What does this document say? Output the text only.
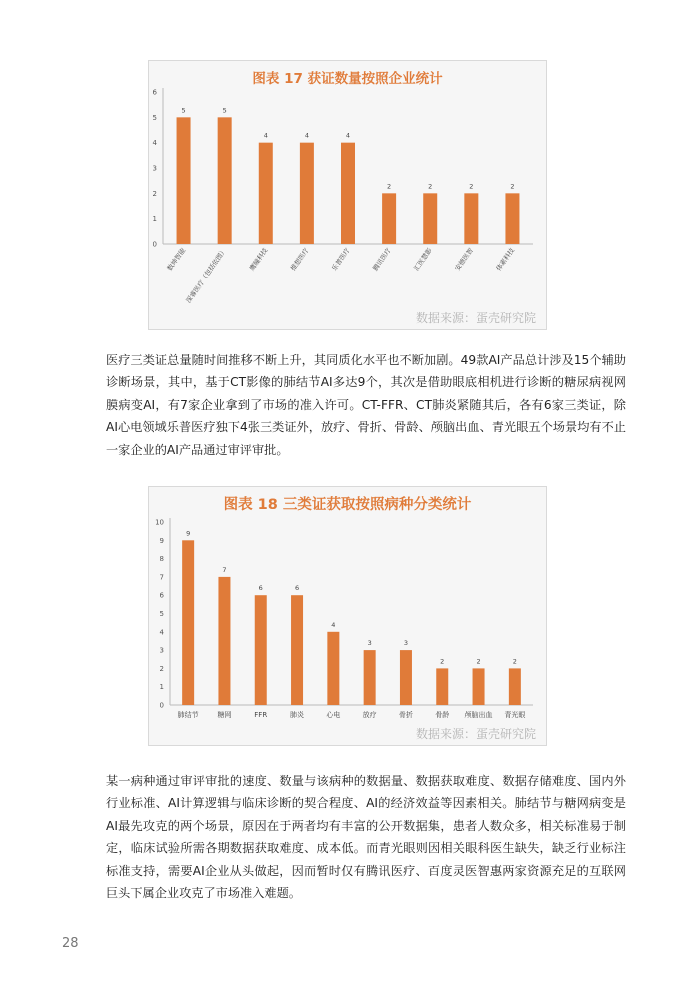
图表 17 获证数量按照企业统计
0
1
2
3
4
5
6
5
数坤智能
5
深睿医疗（包括依图）
4
鹰瞳科技
4
推想医疗
4
乐普医疗
2
腾讯医疗
2
汇医慧影
2
安德医智
2
体素科技
数据来源：蛋壳研究院

医疗三类证总量随时间推移不断上升，其同质化水平也不断加剧。49款AI产品总计涉及15个辅助诊断场景，其中，基于CT影像的肺结节AI多达9个，其次是借助眼底相机进行诊断的糖尿病视网膜病变AI，有7家企业拿到了市场的准入许可。CT-FFR、CT肺炎紧随其后，各有6家三类证，除AI心电领域乐普医疗独下4张三类证外，放疗、骨折、骨龄、颅脑出血、青光眼五个场景均有不止一家企业的AI产品通过审评审批。

图表 18 三类证获取按照病种分类统计
0
1
2
3
4
5
6
7
8
9
10
9
肺结节
7
糖网
6
FFR
6
肺炎
4
心电
3
放疗
3
骨折
2
骨龄
2
颅脑出血
2
青光眼
数据来源：蛋壳研究院

某一病种通过审评审批的速度、数量与该病种的数据量、数据获取难度、数据存储难度、国内外行业标准、AI计算逻辑与临床诊断的契合程度、AI的经济效益等因素相关。肺结节与糖网病变是AI最先攻克的两个场景，原因在于两者均有丰富的公开数据集，患者人数众多，相关标准易于制定，临床试验所需各期数据获取难度、成本低。而青光眼则因相关眼科医生缺失，缺乏行业标注标准支持，需要AI企业从头做起，因而暂时仅有腾讯医疗、百度灵医智惠两家资源充足的互联网巨头下属企业攻克了市场准入难题。

28
